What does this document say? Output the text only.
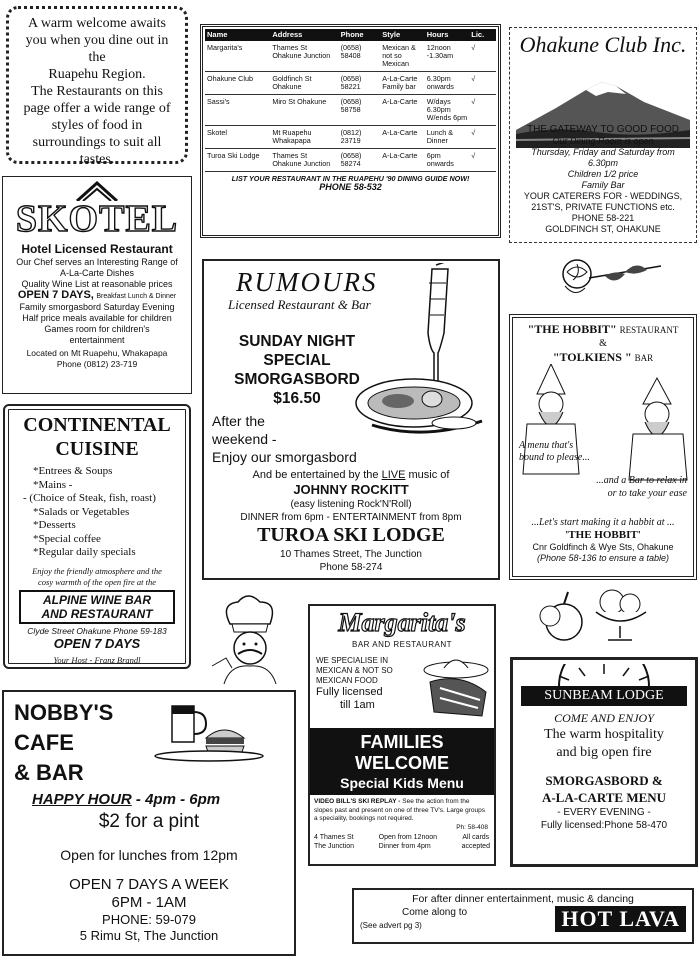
A warm welcome awaits
you when you dine out in
the
Ruapehu Region.
The Restaurants on this
page offer a wide range of
styles of food in
surroundings to suit all
tastes.
Name	Address	Phone	Style	Hours	Lic.
Margarita's	Thames St Ohakune Junction	(0658) 58408	Mexican & not so Mexican	12noon -1.30am	√
Ohakune Club	Goldfinch St Ohakune	(0658) 58221	A-La-Carte Family bar	6.30pm onwards	√
Sassi's	Miro St Ohakune	(0658) 58758	A-La-Carte	W/days 6.30pm W/ends 6pm	√
Skotel	Mt Ruapehu Whakapapa	(0812) 23719	A-La-Carte	Lunch & Dinner	√
Turoa Ski Lodge	Thames St Ohakune Junction	(0658) 58274	A-La-Carte	6pm onwards	√
LIST YOUR RESTAURANT IN THE RUAPEHU '90 DINING GUIDE NOW!
PHONE 58-532
Ohakune Club Inc.
THE GATEWAY TO GOOD FOOD
Our Dining Room is open
Thursday, Friday and Saturday from
6.30pm
Children 1/2 price
Family Bar
YOUR CATERERS FOR - WEDDINGS,
21ST'S, PRIVATE FUNCTIONS etc.
PHONE 58-221
GOLDFINCH ST, OHAKUNE
SKOTEL
Hotel Licensed Restaurant
Our Chef serves an Interesting Range of
A-La-Carte Dishes
Quality Wine List at reasonable prices
OPEN 7 DAYS, Breakfast Lunch & Dinner
Family smorgasbord Saturday Evening
Half price meals available for children
Games room for children's
entertainment
Located on Mt Ruapehu, Whakapapa
Phone (0812) 23-719
RUMOURS
Licensed Restaurant & Bar
SUNDAY NIGHT
SPECIAL
SMORGASBORD
$16.50
After the
weekend -
Enjoy our smorgasbord
And be entertained by the LIVE music of
JOHNNY ROCKITT
(easy listening Rock'N'Roll)
DINNER from 6pm - ENTERTAINMENT from 8pm
TUROA SKI LODGE
10 Thames Street, The Junction
Phone 58-274
"THE HOBBIT" RESTAURANT
&
"TOLKIENS " BAR
A menu that's
bound to please...
...and a Bar to relax in
or to take your ease
...Let's start making it a habbit at ...
'THE HOBBIT'
Cnr Goldfinch & Wye Sts, Ohakune
(Phone 58-136 to ensure a table)
CONTINENTAL
CUISINE
*Entrees & Soups
*Mains -
- (Choice of Steak, fish, roast)
*Salads or Vegetables
*Desserts
*Special coffee
*Regular daily specials
Enjoy the friendly atmosphere and the
cosy warmth of the open fire at the
ALPINE WINE BAR
AND RESTAURANT
Clyde Street Ohakune Phone 59-183
OPEN 7 DAYS
Your Host - Franz Brandl
Margarita's
BAR AND RESTAURANT
WE SPECIALISE IN
MEXICAN & NOT SO
MEXICAN FOOD
Fully licensed
till 1am
FAMILIES
WELCOME
Special Kids Menu
VIDEO BILL'S SKI REPLAY - See the action from the slopes past and present on one of three TV's. Large groups a speciality, bookings not required.
Ph: 58-408
4 Thames St
The Junction
Open from 12noon
Dinner from 4pm
All cards
accepted
SUNBEAM LODGE
COME AND ENJOY
The warm hospitality
and big open fire
SMORGASBORD &
A-LA-CARTE MENU
- EVERY EVENING -
Fully licensed:Phone 58-470
NOBBY'S
CAFE
& BAR
HAPPY HOUR - 4pm - 6pm
$2 for a pint
Open for lunches from 12pm
OPEN 7 DAYS A WEEK
6PM - 1AM
PHONE: 59-079
5 Rimu St, The Junction
For after dinner entertainment, music & dancing
Come along to
(See advert pg 3)	HOT LAVA
